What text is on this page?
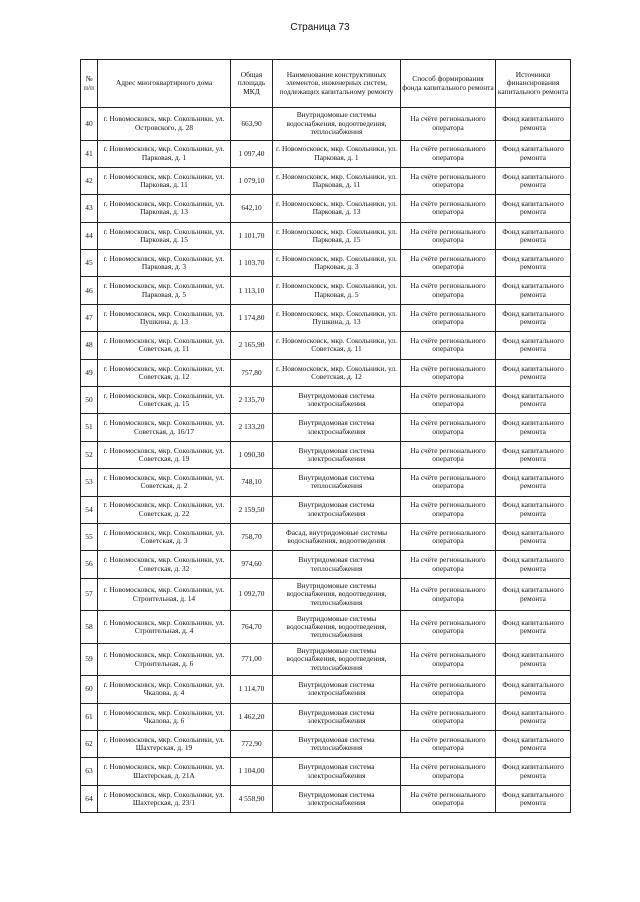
Страница 73
№ п/п	Адрес многоквартирного дома	Общая площадь МКД	Наименование конструктивных элементов, инженерных систем, подлежащих капитальному ремонту	Способ формирования фонда капитального ремонта	Источники финансирования капитального ремонта
40	г. Новомосковск, мкр. Сокольники, ул. Островского, д. 28	663,90	Внутридомовые системы водоснабжения, водоотведения, теплоснабжения	На счёте регионального оператора	Фонд капитального ремонта
41	г. Новомосковск, мкр. Сокольники, ул. Парковая, д. 1	1 097,40	г. Новомосковск, мкр. Сокольники, ул. Парковая, д. 1	На счёте регионального оператора	Фонд капитального ремонта
42	г. Новомосковск, мкр. Сокольники, ул. Парковая, д. 11	1 079,10	г. Новомосковск, мкр. Сокольники, ул. Парковая, д. 11	На счёте регионального оператора	Фонд капитального ремонта
43	г. Новомосковск, мкр. Сокольники, ул. Парковая, д. 13	642,10	г. Новомосковск, мкр. Сокольники, ул. Парковая, д. 13	На счёте регионального оператора	Фонд капитального ремонта
44	г. Новомосковск, мкр. Сокольники, ул. Парковая, д. 15	1 101,70	г. Новомосковск, мкр. Сокольники, ул. Парковая, д. 15	На счёте регионального оператора	Фонд капитального ремонта
45	г. Новомосковск, мкр. Сокольники, ул. Парковая, д. 3	1 103,70	г. Новомосковск, мкр. Сокольники, ул. Парковая, д. 3	На счёте регионального оператора	Фонд капитального ремонта
46	г. Новомосковск, мкр. Сокольники, ул. Парковая, д. 5	1 113,10	г. Новомосковск, мкр. Сокольники, ул. Парковая, д. 5	На счёте регионального оператора	Фонд капитального ремонта
47	г. Новомосковск, мкр. Сокольники, ул. Пушкина, д. 13	1 174,80	г. Новомосковск, мкр. Сокольники, ул. Пушкина, д. 13	На счёте регионального оператора	Фонд капитального ремонта
48	г. Новомосковск, мкр. Сокольники, ул. Советская, д. 11	2 165,90	г. Новомосковск, мкр. Сокольники, ул. Советская, д. 11	На счёте регионального оператора	Фонд капитального ремонта
49	г. Новомосковск, мкр. Сокольники, ул. Советская, д. 12	757,80	г. Новомосковск, мкр. Сокольники, ул. Советская, д. 12	На счёте регионального оператора	Фонд капитального ремонта
50	г. Новомосковск, мкр. Сокольники, ул. Советская, д. 15	2 135,70	Внутридомовая система электроснабжения	На счёте регионального оператора	Фонд капитального ремонта
51	г. Новомосковск, мкр. Сокольники, ул. Советская, д. 16/17	2 133,20	Внутридомовая система электроснабжения	На счёте регионального оператора	Фонд капитального ремонта
52	г. Новомосковск, мкр. Сокольники, ул. Советская, д. 19	1 090,30	Внутридомовая система электроснабжения	На счёте регионального оператора	Фонд капитального ремонта
53	г. Новомосковск, мкр. Сокольники, ул. Советская, д. 2	748,10	Внутридомовая система теплоснабжения	На счёте регионального оператора	Фонд капитального ремонта
54	г. Новомосковск, мкр. Сокольники, ул. Советская, д. 22	2 159,50	Внутридомовая система электроснабжения	На счёте регионального оператора	Фонд капитального ремонта
55	г. Новомосковск, мкр. Сокольники, ул. Советская, д. 3	758,70	Фасад, внутридомовые системы водоснабжения, водоотведения	На счёте регионального оператора	Фонд капитального ремонта
56	г. Новомосковск, мкр. Сокольники, ул. Советская, д. 32	974,60	Внутридомовая система теплоснабжения	На счёте регионального оператора	Фонд капитального ремонта
57	г. Новомосковск, мкр. Сокольники, ул. Строительная, д. 14	1 092,70	Внутридомовые системы водоснабжения, водоотведения, теплоснабжения	На счёте регионального оператора	Фонд капитального ремонта
58	г. Новомосковск, мкр. Сокольники, ул. Строительная, д. 4	764,70	Внутридомовые системы водоснабжения, водоотведения, теплоснабжения	На счёте регионального оператора	Фонд капитального ремонта
59	г. Новомосковск, мкр. Сокольники, ул. Строительная, д. 6	771,00	Внутридомовые системы водоснабжения, водоотведения, теплоснабжения	На счёте регионального оператора	Фонд капитального ремонта
60	г. Новомосковск, мкр. Сокольники, ул. Чкалова, д. 4	1 114,70	Внутридомовая система электроснабжения	На счёте регионального оператора	Фонд капитального ремонта
61	г. Новомосковск, мкр. Сокольники, ул. Чкалова, д. 6	1 462,20	Внутридомовая система электроснабжения	На счёте регионального оператора	Фонд капитального ремонта
62	г. Новомосковск, мкр. Сокольники, ул. Шахтерская, д. 19	772,90	Внутридомовая система теплоснабжения	На счёте регионального оператора	Фонд капитального ремонта
63	г. Новомосковск, мкр. Сокольники, ул. Шахтерская, д. 21А	1 104,00	Внутридомовая система электроснабжения	На счёте регионального оператора	Фонд капитального ремонта
64	г. Новомосковск, мкр. Сокольники, ул. Шахтерская, д. 23/1	4 558,90	Внутридомовая система электроснабжения	На счёте регионального оператора	Фонд капитального ремонта
